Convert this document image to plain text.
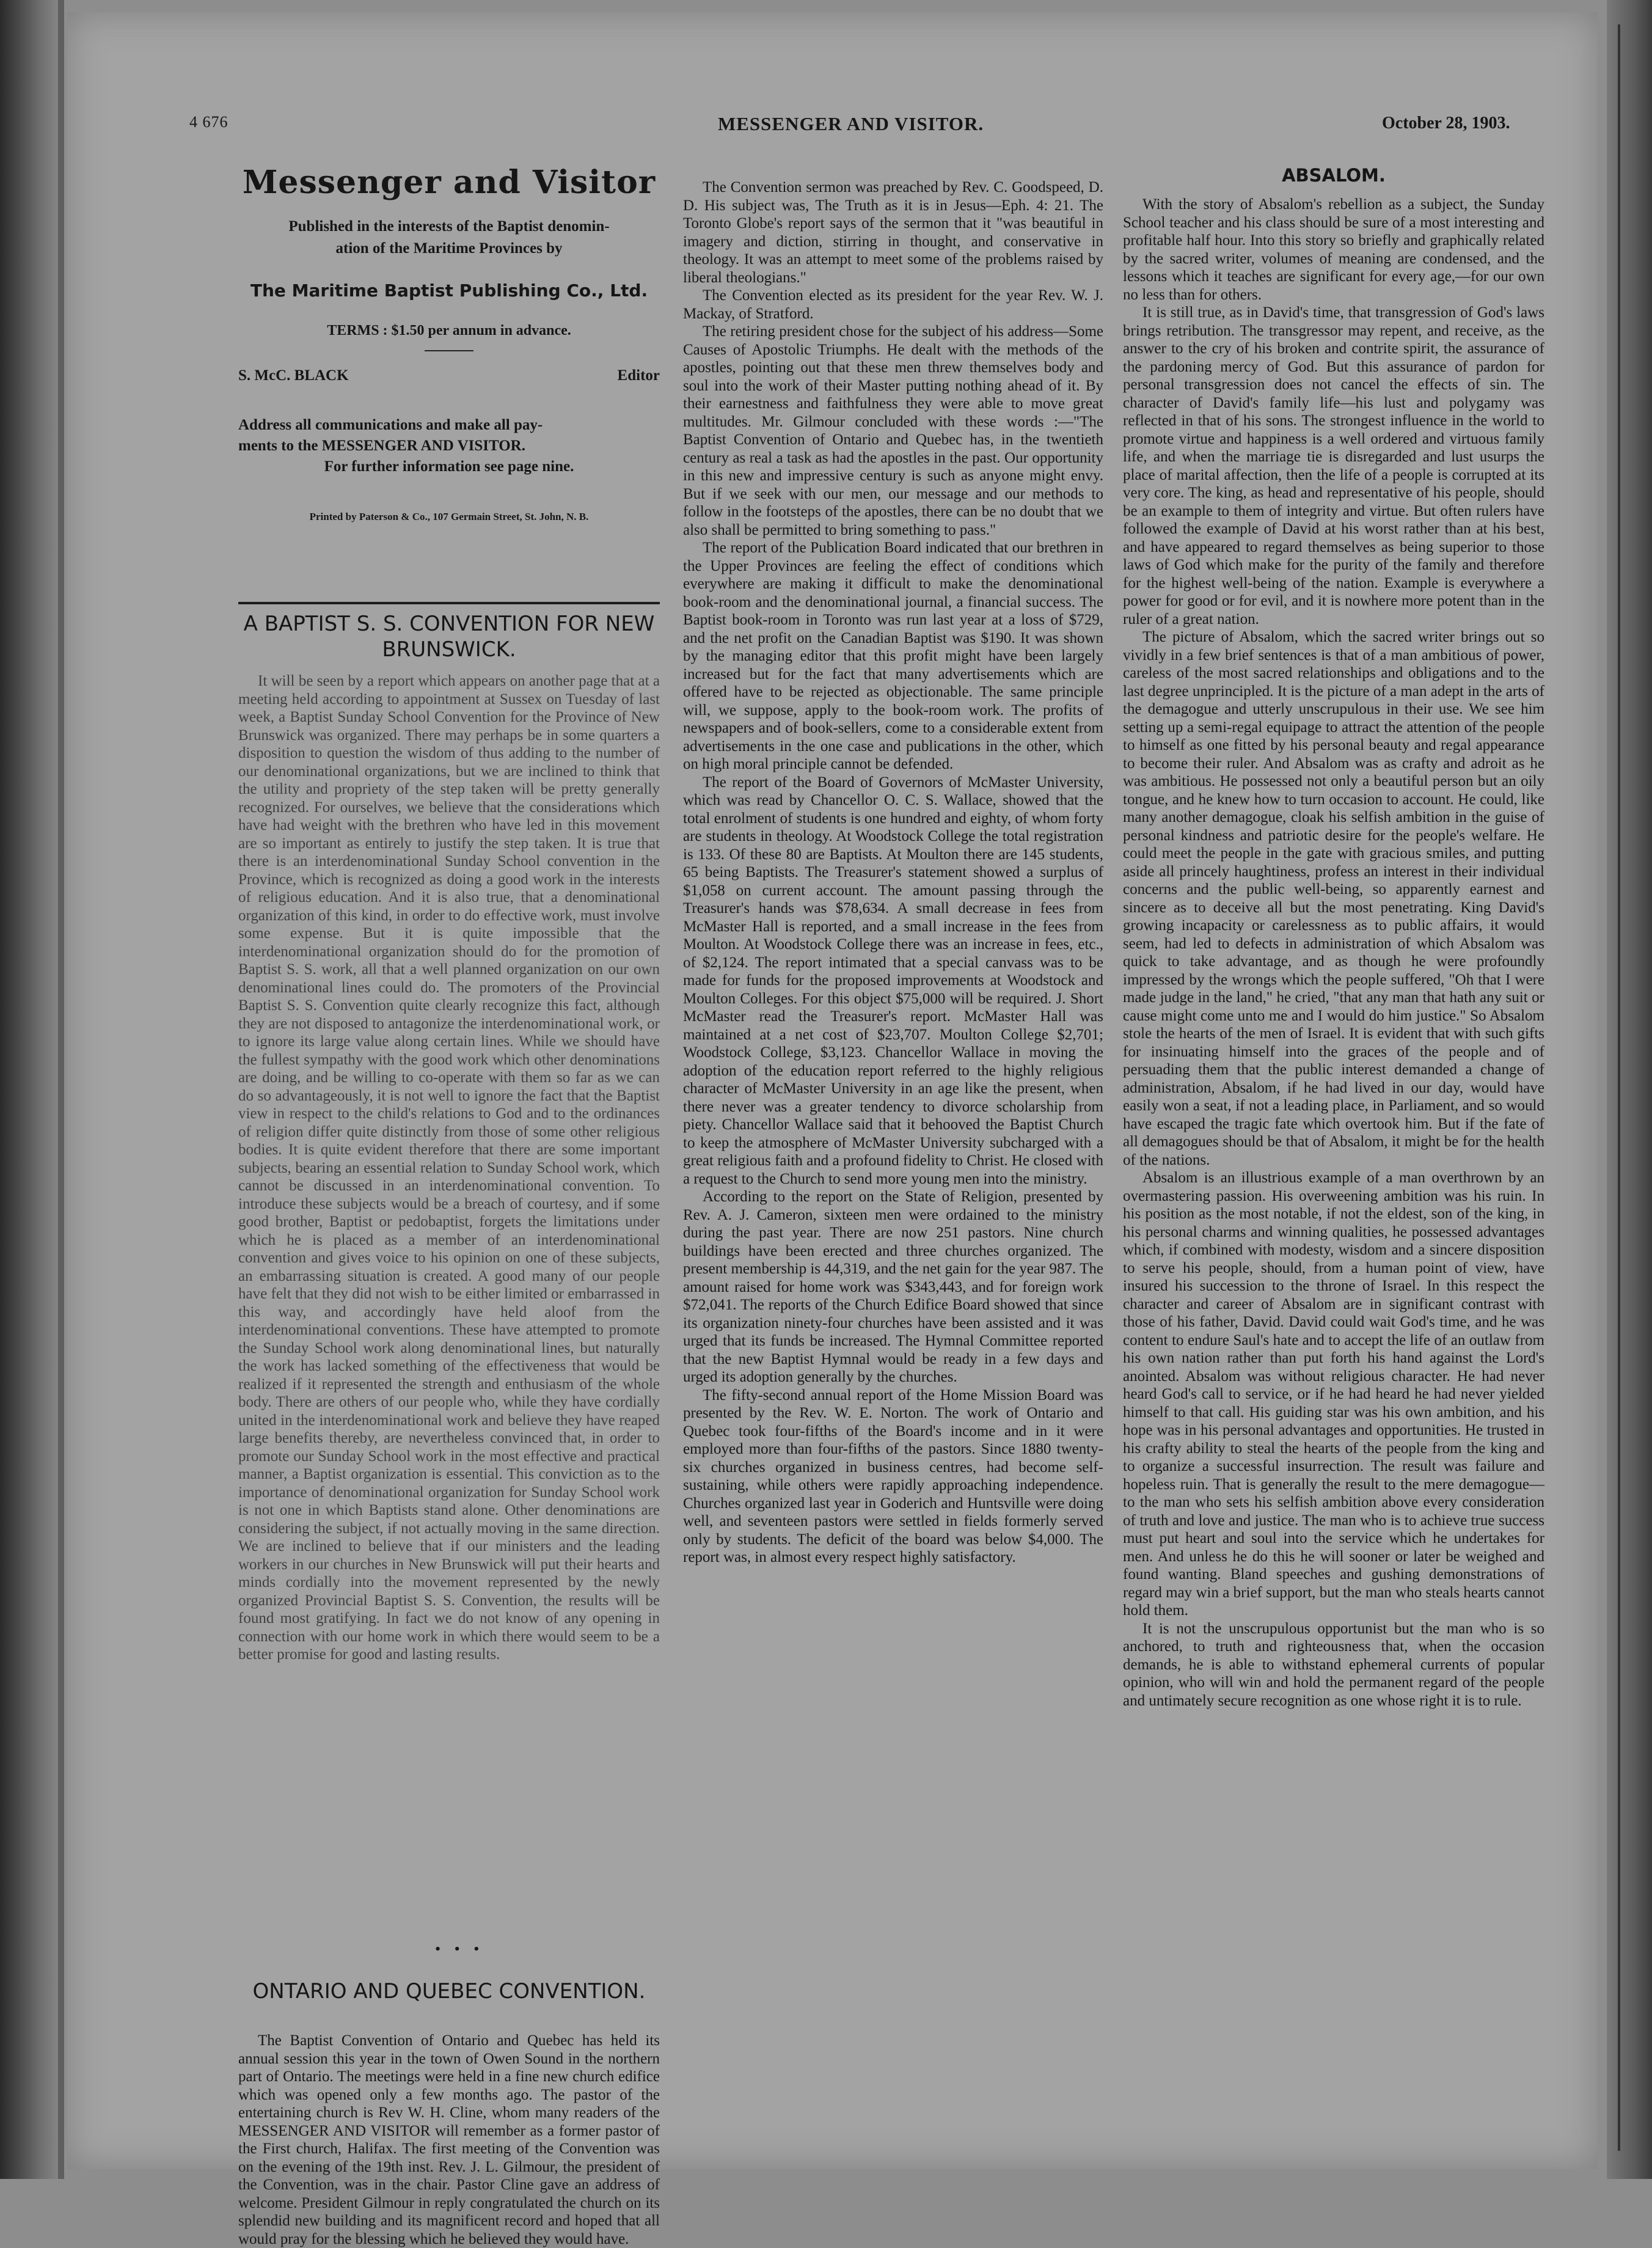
4 676	MESSENGER AND VISITOR.	October 28, 1903.
Messenger and Visitor
Published in the interests of the Baptist denomin-
ation of the Maritime Provinces by
The Maritime Baptist Publishing Co., Ltd.
TERMS : $1.50 per annum in advance.
S. McC. BLACK	Editor
Address all communications and make all pay-
ments to the MESSENGER AND VISITOR.
For further information see page nine.
Printed by Paterson & Co., 107 Germain Street, St. John, N. B.
A BAPTIST S. S. CONVENTION FOR NEW BRUNSWICK.

It will be seen by a report which appears on another page that at a meeting held according to appointment at Sussex on Tuesday of last week, a Baptist Sunday School Convention for the Province of New Brunswick was organized. There may perhaps be in some quarters a disposition to question the wisdom of thus adding to the number of our denominational organizations, but we are inclined to think that the utility and propriety of the step taken will be pretty generally recognized. For ourselves, we believe that the considerations which have had weight with the brethren who have led in this movement are so important as entirely to justify the step taken. It is true that there is an interdenominational Sunday School convention in the Province, which is recognized as doing a good work in the interests of religious education. And it is also true, that a denominational organization of this kind, in order to do effective work, must involve some expense. But it is quite impossible that the interdenominational organization should do for the promotion of Baptist S. S. work, all that a well planned organization on our own denominational lines could do. The promoters of the Provincial Baptist S. S. Convention quite clearly recognize this fact, although they are not disposed to antagonize the interdenominational work, or to ignore its large value along certain lines. While we should have the fullest sympathy with the good work which other denominations are doing, and be willing to co-operate with them so far as we can do so advantageously, it is not well to ignore the fact that the Baptist view in respect to the child's relations to God and to the ordinances of religion differ quite distinctly from those of some other religious bodies. It is quite evident therefore that there are some important subjects, bearing an essential relation to Sunday School work, which cannot be discussed in an interdenominational convention. To introduce these subjects would be a breach of courtesy, and if some good brother, Baptist or pedobaptist, forgets the limitations under which he is placed as a member of an interdenominational convention and gives voice to his opinion on one of these subjects, an embarrassing situation is created. A good many of our people have felt that they did not wish to be either limited or embarrassed in this way, and accordingly have held aloof from the interdenominational conventions. These have attempted to promote the Sunday School work along denominational lines, but naturally the work has lacked something of the effectiveness that would be realized if it represented the strength and enthusiasm of the whole body. There are others of our people who, while they have cordially united in the interdenominational work and believe they have reaped large benefits thereby, are nevertheless convinced that, in order to promote our Sunday School work in the most effective and practical manner, a Baptist organization is essential. This conviction as to the importance of denominational organization for Sunday School work is not one in which Baptists stand alone. Other denominations are considering the subject, if not actually moving in the same direction. We are inclined to believe that if our ministers and the leading workers in our churches in New Brunswick will put their hearts and minds cordially into the movement represented by the newly organized Provincial Baptist S. S. Convention, the results will be found most gratifying. In fact we do not know of any opening in connection with our home work in which there would seem to be a better promise for good and lasting results.

• • •
ONTARIO AND QUEBEC CONVENTION.

The Baptist Convention of Ontario and Quebec has held its annual session this year in the town of Owen Sound in the northern part of Ontario. The meetings were held in a fine new church edifice which was opened only a few months ago. The pastor of the entertaining church is Rev W. H. Cline, whom many readers of the MESSENGER AND VISITOR will remember as a former pastor of the First church, Halifax. The first meeting of the Convention was on the evening of the 19th inst. Rev. J. L. Gilmour, the president of the Convention, was in the chair. Pastor Cline gave an address of welcome. President Gilmour in reply congratulated the church on its splendid new building and its magnificent record and hoped that all would pray for the blessing which he believed they would have.

The Convention sermon was preached by Rev. C. Goodspeed, D. D. His subject was, The Truth as it is in Jesus—Eph. 4: 21. The Toronto Globe's report says of the sermon that it "was beautiful in imagery and diction, stirring in thought, and conservative in theology. It was an attempt to meet some of the problems raised by liberal theologians."

The Convention elected as its president for the year Rev. W. J. Mackay, of Stratford.

The retiring president chose for the subject of his address—Some Causes of Apostolic Triumphs. He dealt with the methods of the apostles, pointing out that these men threw themselves body and soul into the work of their Master putting nothing ahead of it. By their earnestness and faithfulness they were able to move great multitudes. Mr. Gilmour concluded with these words :—"The Baptist Convention of Ontario and Quebec has, in the twentieth century as real a task as had the apostles in the past. Our opportunity in this new and impressive century is such as anyone might envy. But if we seek with our men, our message and our methods to follow in the footsteps of the apostles, there can be no doubt that we also shall be permitted to bring something to pass."

The report of the Publication Board indicated that our brethren in the Upper Provinces are feeling the effect of conditions which everywhere are making it difficult to make the denominational book-room and the denominational journal, a financial success. The Baptist book-room in Toronto was run last year at a loss of $729, and the net profit on the Canadian Baptist was $190. It was shown by the managing editor that this profit might have been largely increased but for the fact that many advertisements which are offered have to be rejected as objectionable. The same principle will, we suppose, apply to the book-room work. The profits of newspapers and of book-sellers, come to a considerable extent from advertisements in the one case and publications in the other, which on high moral principle cannot be defended.

The report of the Board of Governors of McMaster University, which was read by Chancellor O. C. S. Wallace, showed that the total enrolment of students is one hundred and eighty, of whom forty are students in theology. At Woodstock College the total registration is 133. Of these 80 are Baptists. At Moulton there are 145 students, 65 being Baptists. The Treasurer's statement showed a surplus of $1,058 on current account. The amount passing through the Treasurer's hands was $78,634. A small decrease in fees from McMaster Hall is reported, and a small increase in the fees from Moulton. At Woodstock College there was an increase in fees, etc., of $2,124. The report intimated that a special canvass was to be made for funds for the proposed improvements at Woodstock and Moulton Colleges. For this object $75,000 will be required. J. Short McMaster read the Treasurer's report. McMaster Hall was maintained at a net cost of $23,707. Moulton College $2,701; Woodstock College, $3,123. Chancellor Wallace in moving the adoption of the education report referred to the highly religious character of McMaster University in an age like the present, when there never was a greater tendency to divorce scholarship from piety. Chancellor Wallace said that it behooved the Baptist Church to keep the atmosphere of McMaster University subcharged with a great religious faith and a profound fidelity to Christ. He closed with a request to the Church to send more young men into the ministry.

According to the report on the State of Religion, presented by Rev. A. J. Cameron, sixteen men were ordained to the ministry during the past year. There are now 251 pastors. Nine church buildings have been erected and three churches organized. The present membership is 44,319, and the net gain for the year 987. The amount raised for home work was $343,443, and for foreign work $72,041. The reports of the Church Edifice Board showed that since its organization ninety-four churches have been assisted and it was urged that its funds be increased. The Hymnal Committee reported that the new Baptist Hymnal would be ready in a few days and urged its adoption generally by the churches.

The fifty-second annual report of the Home Mission Board was presented by the Rev. W. E. Norton. The work of Ontario and Quebec took four-fifths of the Board's income and in it were employed more than four-fifths of the pastors. Since 1880 twenty-six churches organized in business centres, had become self-sustaining, while others were rapidly approaching independence. Churches organized last year in Goderich and Huntsville were doing well, and seventeen pastors were settled in fields formerly served only by students. The deficit of the board was below $4,000. The report was, in almost every respect highly satisfactory.

ABSALOM.

With the story of Absalom's rebellion as a subject, the Sunday School teacher and his class should be sure of a most interesting and profitable half hour. Into this story so briefly and graphically related by the sacred writer, volumes of meaning are condensed, and the lessons which it teaches are significant for every age,—for our own no less than for others.

It is still true, as in David's time, that transgression of God's laws brings retribution. The transgressor may repent, and receive, as the answer to the cry of his broken and contrite spirit, the assurance of the pardoning mercy of God. But this assurance of pardon for personal transgression does not cancel the effects of sin. The character of David's family life—his lust and polygamy was reflected in that of his sons. The strongest influence in the world to promote virtue and happiness is a well ordered and virtuous family life, and when the marriage tie is disregarded and lust usurps the place of marital affection, then the life of a people is corrupted at its very core. The king, as head and representative of his people, should be an example to them of integrity and virtue. But often rulers have followed the example of David at his worst rather than at his best, and have appeared to regard themselves as being superior to those laws of God which make for the purity of the family and therefore for the highest well-being of the nation. Example is everywhere a power for good or for evil, and it is nowhere more potent than in the ruler of a great nation.

The picture of Absalom, which the sacred writer brings out so vividly in a few brief sentences is that of a man ambitious of power, careless of the most sacred relationships and obligations and to the last degree unprincipled. It is the picture of a man adept in the arts of the demagogue and utterly unscrupulous in their use. We see him setting up a semi-regal equipage to attract the attention of the people to himself as one fitted by his personal beauty and regal appearance to become their ruler. And Absalom was as crafty and adroit as he was ambitious. He possessed not only a beautiful person but an oily tongue, and he knew how to turn occasion to account. He could, like many another demagogue, cloak his selfish ambition in the guise of personal kindness and patriotic desire for the people's welfare. He could meet the people in the gate with gracious smiles, and putting aside all princely haughtiness, profess an interest in their individual concerns and the public well-being, so apparently earnest and sincere as to deceive all but the most penetrating. King David's growing incapacity or carelessness as to public affairs, it would seem, had led to defects in administration of which Absalom was quick to take advantage, and as though he were profoundly impressed by the wrongs which the people suffered, "Oh that I were made judge in the land," he cried, "that any man that hath any suit or cause might come unto me and I would do him justice." So Absalom stole the hearts of the men of Israel. It is evident that with such gifts for insinuating himself into the graces of the people and of persuading them that the public interest demanded a change of administration, Absalom, if he had lived in our day, would have easily won a seat, if not a leading place, in Parliament, and so would have escaped the tragic fate which overtook him. But if the fate of all demagogues should be that of Absalom, it might be for the health of the nations.

Absalom is an illustrious example of a man overthrown by an overmastering passion. His overweening ambition was his ruin. In his position as the most notable, if not the eldest, son of the king, in his personal charms and winning qualities, he possessed advantages which, if combined with modesty, wisdom and a sincere disposition to serve his people, should, from a human point of view, have insured his succession to the throne of Israel. In this respect the character and career of Absalom are in significant contrast with those of his father, David. David could wait God's time, and he was content to endure Saul's hate and to accept the life of an outlaw from his own nation rather than put forth his hand against the Lord's anointed. Absalom was without religious character. He had never heard God's call to service, or if he had heard he had never yielded himself to that call. His guiding star was his own ambition, and his hope was in his personal advantages and opportunities. He trusted in his crafty ability to steal the hearts of the people from the king and to organize a successful insurrection. The result was failure and hopeless ruin. That is generally the result to the mere demagogue—to the man who sets his selfish ambition above every consideration of truth and love and justice. The man who is to achieve true success must put heart and soul into the service which he undertakes for men. And unless he do this he will sooner or later be weighed and found wanting. Bland speeches and gushing demonstrations of regard may win a brief support, but the man who steals hearts cannot hold them.

It is not the unscrupulous opportunist but the man who is so anchored, to truth and righteousness that, when the occasion demands, he is able to withstand ephemeral currents of popular opinion, who will win and hold the permanent regard of the people and untimately secure recognition as one whose right it is to rule.
